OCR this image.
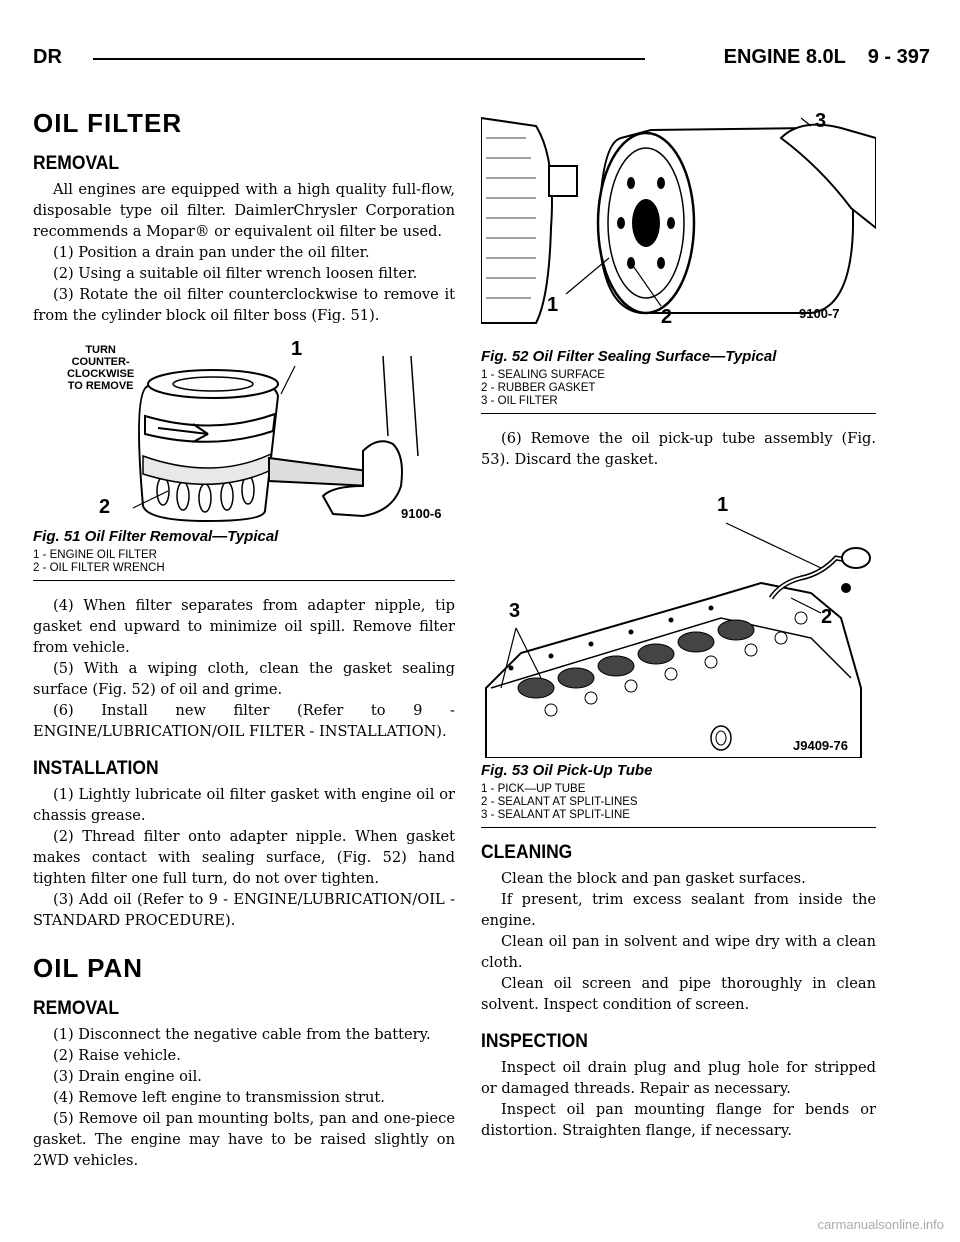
DR	ENGINE 8.0L    9 - 397
OIL FILTER
REMOVAL

All engines are equipped with a high quality full-flow, disposable type oil filter. DaimlerChrysler Corporation recommends a Mopar® or equivalent oil filter be used.

(1) Position a drain pan under the oil filter.

(2) Using a suitable oil filter wrench loosen filter.

(3) Rotate the oil filter counterclockwise to remove it from the cylinder block oil filter boss (Fig. 51).

TURN
COUNTER-
CLOCKWISE
TO REMOVE
1
2	9100-6
Fig. 51 Oil Filter Removal—Typical
1 - ENGINE OIL FILTER
2 - OIL FILTER WRENCH

(4) When filter separates from adapter nipple, tip gasket end upward to minimize oil spill. Remove filter from vehicle.

(5) With a wiping cloth, clean the gasket sealing surface (Fig. 52) of oil and grime.

(6) Install new filter (Refer to 9 - ENGINE/LUBRICATION/OIL FILTER - INSTALLATION).

INSTALLATION

(1) Lightly lubricate oil filter gasket with engine oil or chassis grease.

(2) Thread filter onto adapter nipple. When gasket makes contact with sealing surface, (Fig. 52) hand tighten filter one full turn, do not over tighten.

(3) Add oil (Refer to 9 - ENGINE/LUBRICATION/OIL - STANDARD PROCEDURE).

OIL PAN
REMOVAL

(1) Disconnect the negative cable from the battery.

(2) Raise vehicle.

(3) Drain engine oil.

(4) Remove left engine to transmission strut.

(5) Remove oil pan mounting bolts, pan and one-piece gasket. The engine may have to be raised slightly on 2WD vehicles.

3
1
2	9100-7
Fig. 52 Oil Filter Sealing Surface—Typical
1 - SEALING SURFACE
2 - RUBBER GASKET
3 - OIL FILTER

(6) Remove the oil pick-up tube assembly (Fig. 53). Discard the gasket.

1
2
3
J9409-76
Fig. 53 Oil Pick-Up Tube
1 - PICK—UP TUBE
2 - SEALANT AT SPLIT-LINES
3 - SEALANT AT SPLIT-LINE
CLEANING

Clean the block and pan gasket surfaces.

If present, trim excess sealant from inside the engine.

Clean oil pan in solvent and wipe dry with a clean cloth.

Clean oil screen and pipe thoroughly in clean solvent. Inspect condition of screen.

INSPECTION

Inspect oil drain plug and plug hole for stripped or damaged threads. Repair as necessary.

Inspect oil pan mounting flange for bends or distortion. Straighten flange, if necessary.

carmanualsonline.info
